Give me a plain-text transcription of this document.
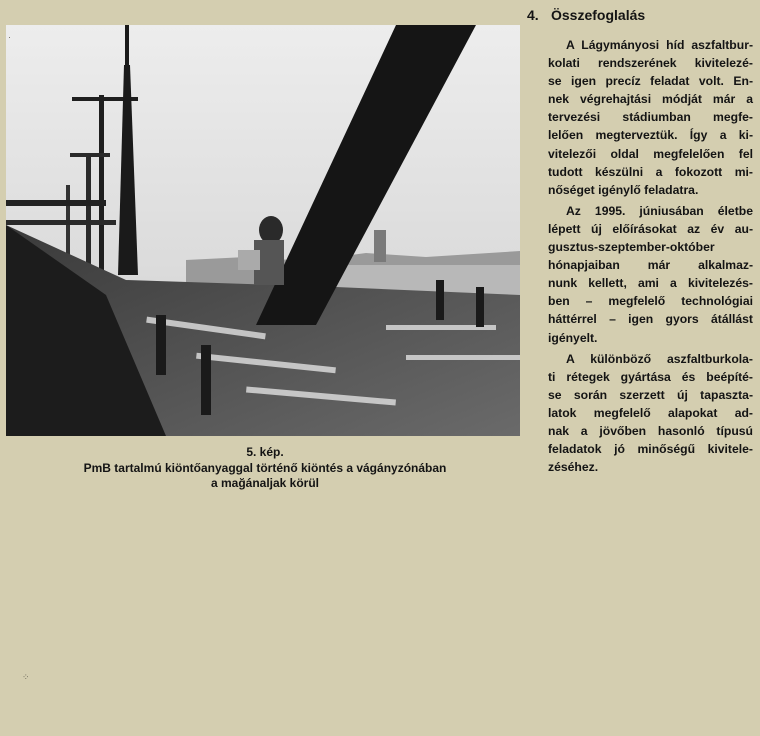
5. kép.
PmB tartalmú kiöntőanyaggal történő kiöntés a vágányzónában
a mağánaljak körül
4. Összefoglalás
A Lágymányosi híd aszfaltbur-
kolati rendszerének kivitelezé-
se igen precíz feladat volt. En-
nek végrehajtási módját már a
tervezési stádiumban megfe-
lelően megterveztük. Így a ki-
vitelezői oldal megfelelően fel
tudott készülni a fokozott mi-
nőséget igénylő feladatra.
Az 1995. júniusában életbe
lépett új előírásokat az év au-
gusztus-szeptember-október
hónapjaiban már alkalmaz-
nunk kellett, ami a kivitelezés-
ben – megfelelő technológiai
háttérrel – igen gyors átállást
igényelt.
A különböző aszfaltburkola-
ti rétegek gyártása és beépíté-
se során szerzett új tapaszta-
latok megfelelő alapokat ad-
nak a jövőben hasonló típusú
feladatok jó minőségű kivitele-
zéséhez.
·
⁘
